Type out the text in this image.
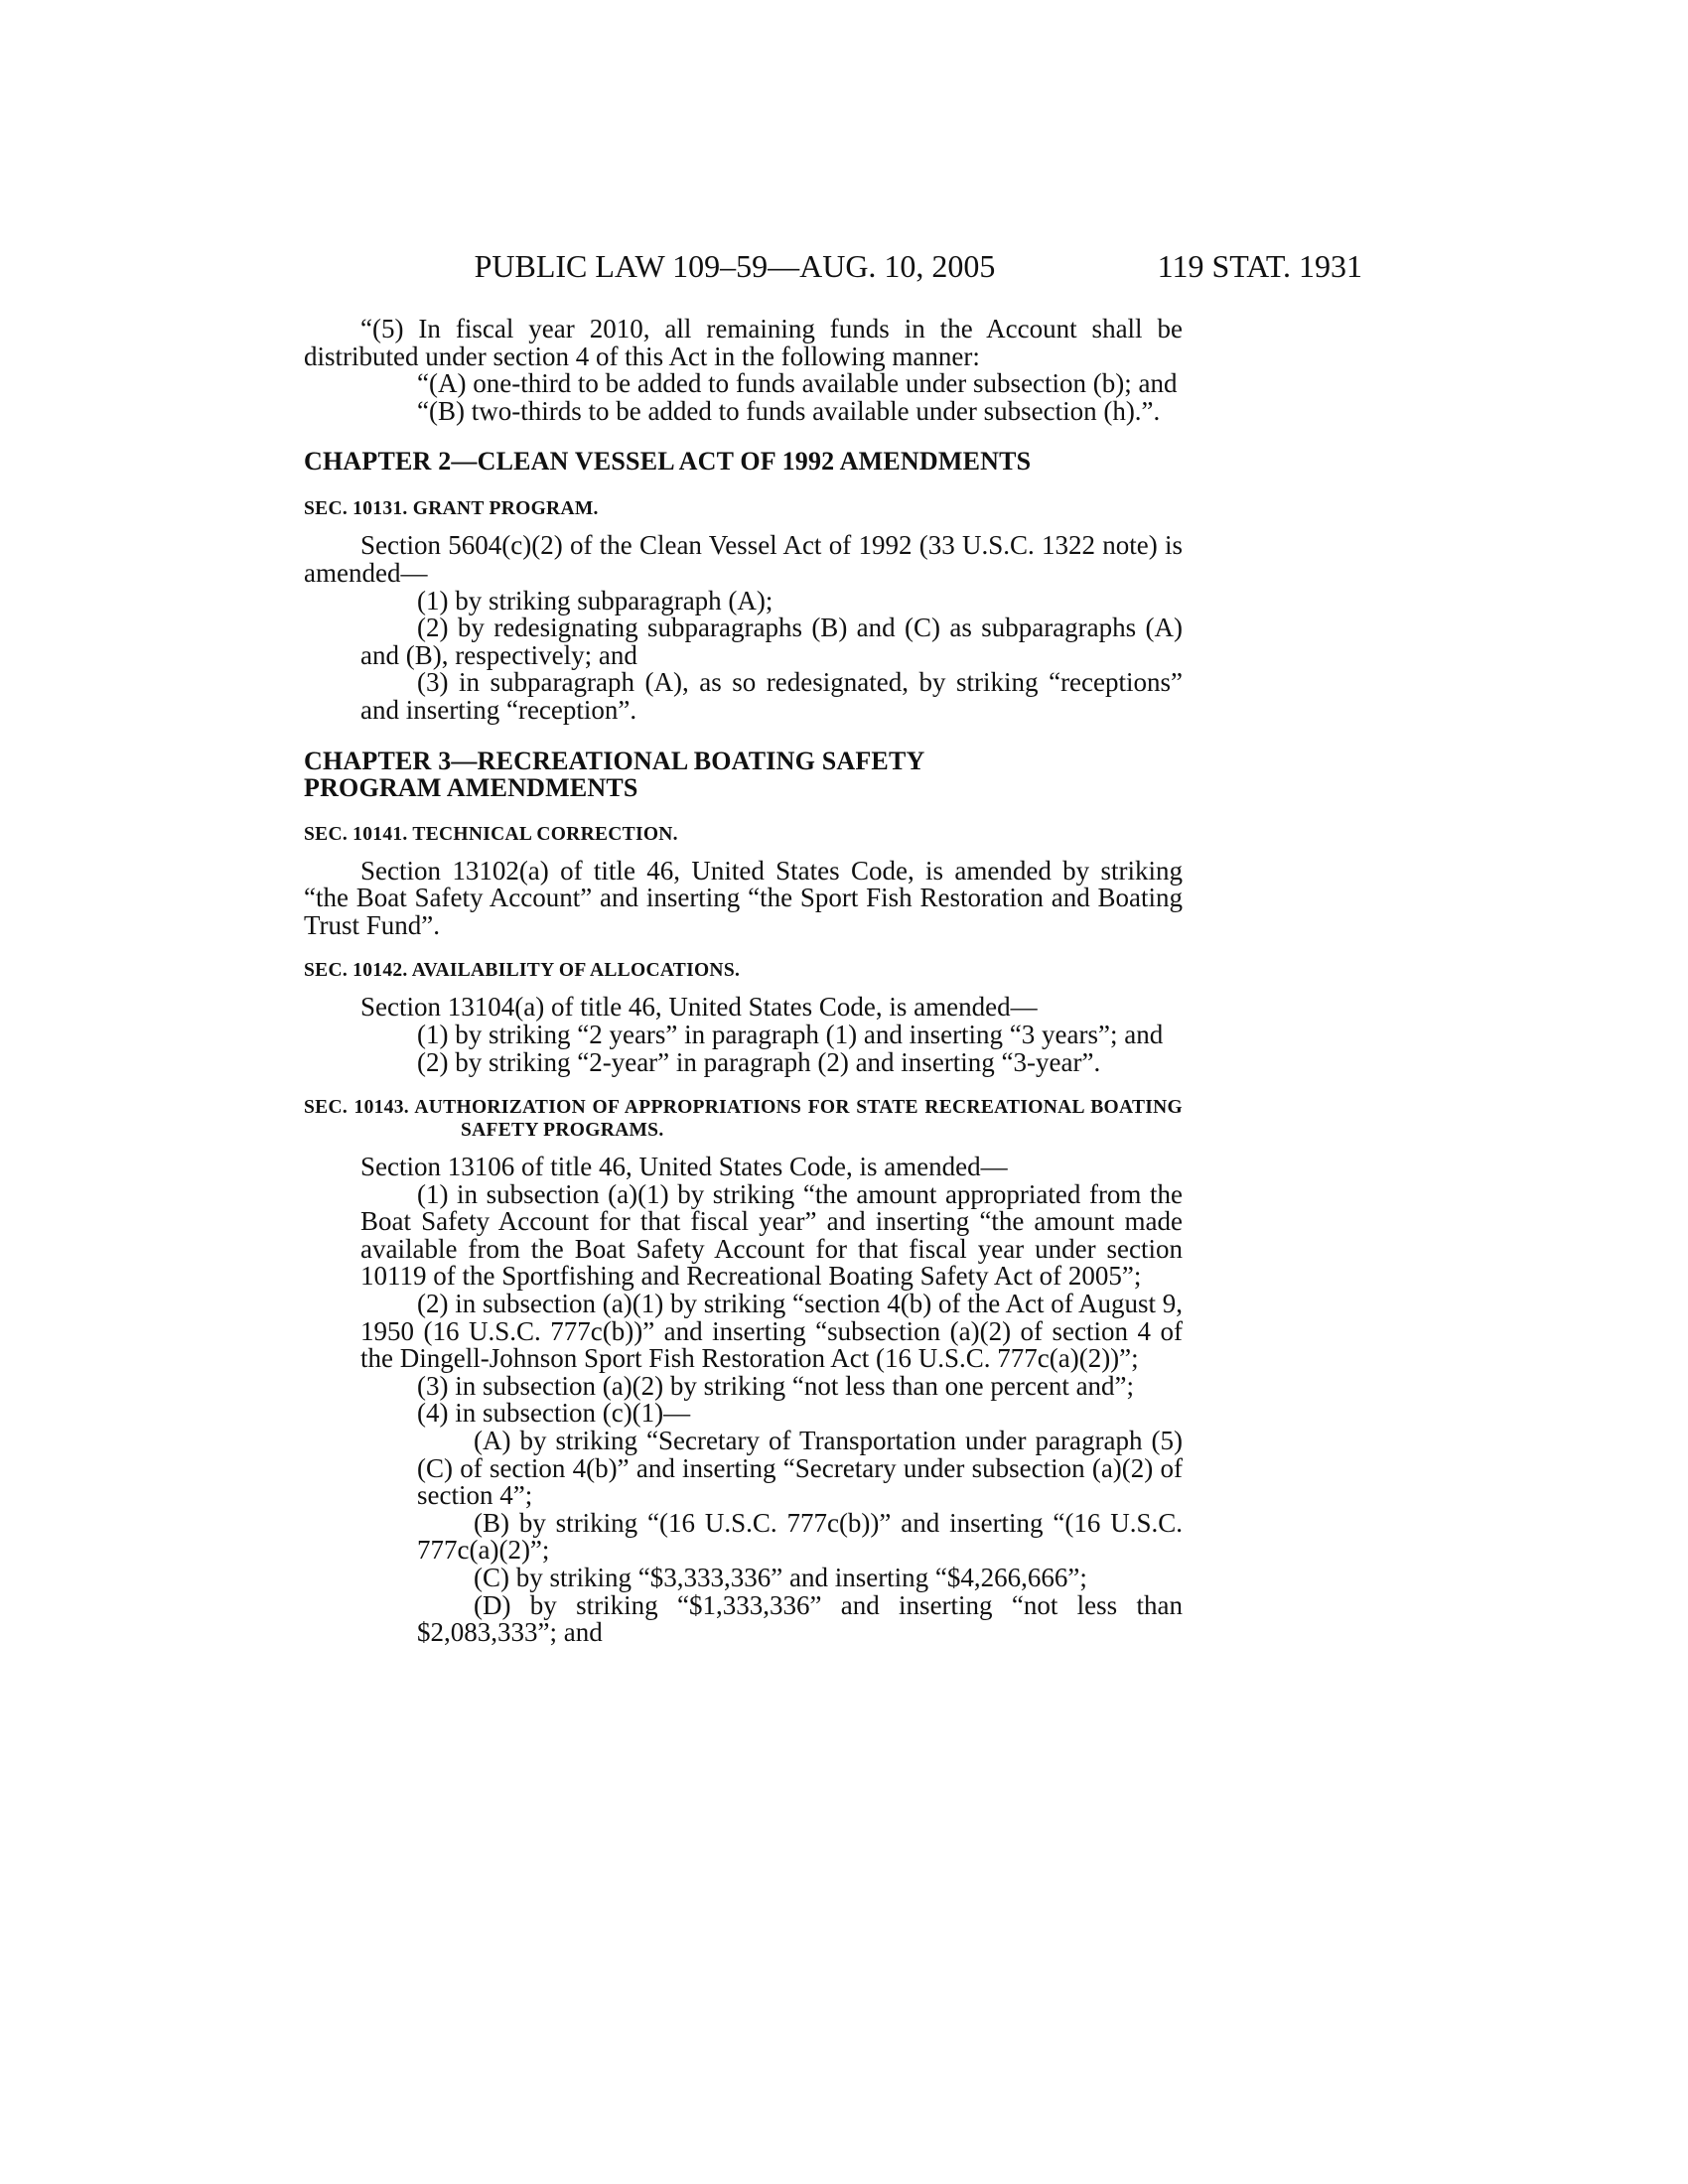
PUBLIC LAW 109–59—AUG. 10, 2005	119 STAT. 1931

“(5) In fiscal year 2010, all remaining funds in the Account shall be distributed under section 4 of this Act in the following manner:

“(A) one-third to be added to funds available under subsection (b); and

“(B) two-thirds to be added to funds available under subsection (h).”.

CHAPTER 2—CLEAN VESSEL ACT OF 1992 AMENDMENTS

SEC. 10131. GRANT PROGRAM.

Section 5604(c)(2) of the Clean Vessel Act of 1992 (33 U.S.C. 1322 note) is amended—

(1) by striking subparagraph (A);

(2) by redesignating subparagraphs (B) and (C) as subparagraphs (A) and (B), respectively; and

(3) in subparagraph (A), as so redesignated, by striking “receptions” and inserting “reception”.

CHAPTER 3—RECREATIONAL BOATING SAFETY

PROGRAM AMENDMENTS

SEC. 10141. TECHNICAL CORRECTION.

Section 13102(a) of title 46, United States Code, is amended by striking “the Boat Safety Account” and inserting “the Sport Fish Restoration and Boating Trust Fund”.

SEC. 10142. AVAILABILITY OF ALLOCATIONS.

Section 13104(a) of title 46, United States Code, is amended—

(1) by striking “2 years” in paragraph (1) and inserting “3 years”; and

(2) by striking “2-year” in paragraph (2) and inserting “3-year”.

SEC. 10143. AUTHORIZATION OF APPROPRIATIONS FOR STATE RECREATIONAL BOATING SAFETY PROGRAMS.

Section 13106 of title 46, United States Code, is amended—

(1) in subsection (a)(1) by striking “the amount appropriated from the Boat Safety Account for that fiscal year” and inserting “the amount made available from the Boat Safety Account for that fiscal year under section 10119 of the Sportfishing and Recreational Boating Safety Act of 2005”;

(2) in subsection (a)(1) by striking “section 4(b) of the Act of August 9, 1950 (16 U.S.C. 777c(b))” and inserting “subsection (a)(2) of section 4 of the Dingell-Johnson Sport Fish Restoration Act (16 U.S.C. 777c(a)(2))”;

(3) in subsection (a)(2) by striking “not less than one percent and”;

(4) in subsection (c)(1)—

(A) by striking “Secretary of Transportation under paragraph (5)(C) of section 4(b)” and inserting “Secretary under subsection (a)(2) of section 4”;

(B) by striking “(16 U.S.C. 777c(b))” and inserting “(16 U.S.C. 777c(a)(2)”;

(C) by striking “$3,333,336” and inserting “$4,266,666”;

(D) by striking “$1,333,336” and inserting “not less than $2,083,333”; and
